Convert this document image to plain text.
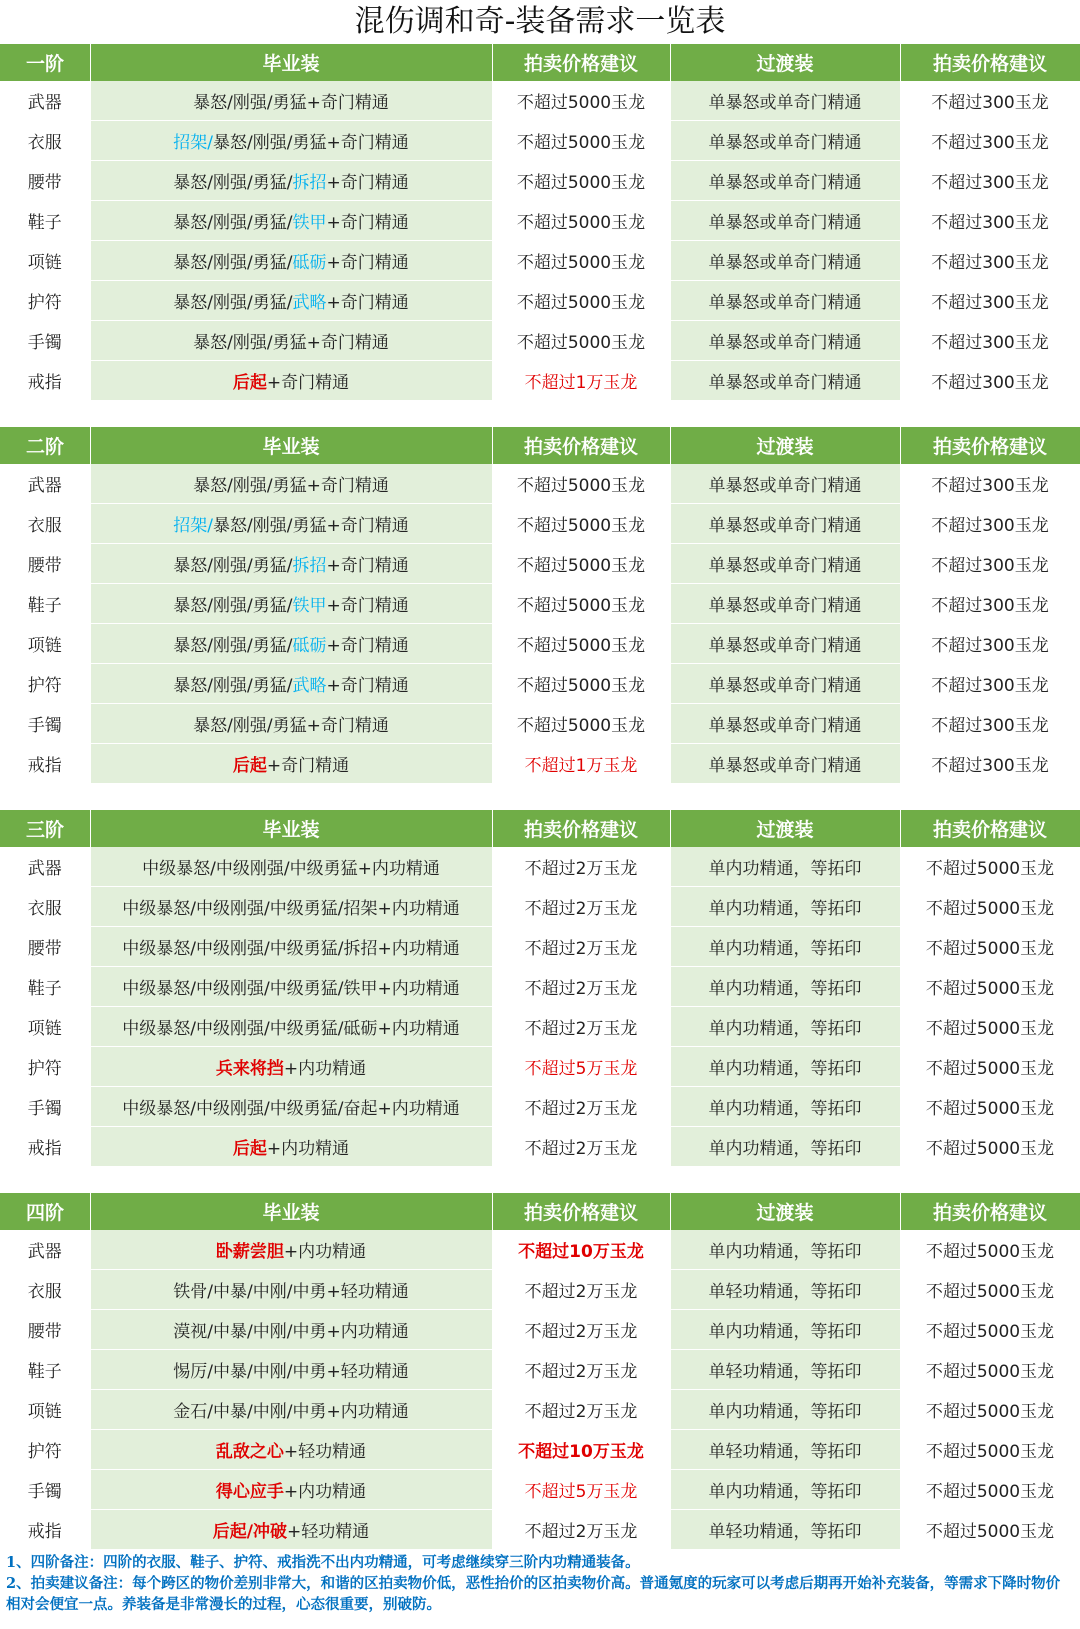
混伤调和奇-装备需求一览表
一阶	毕业装	拍卖价格建议	过渡装	拍卖价格建议
武器	暴怒/刚强/勇猛+奇门精通	不超过5000玉龙	单暴怒或单奇门精通	不超过300玉龙
衣服	招架/暴怒/刚强/勇猛+奇门精通	不超过5000玉龙	单暴怒或单奇门精通	不超过300玉龙
腰带	暴怒/刚强/勇猛/拆招+奇门精通	不超过5000玉龙	单暴怒或单奇门精通	不超过300玉龙
鞋子	暴怒/刚强/勇猛/铁甲+奇门精通	不超过5000玉龙	单暴怒或单奇门精通	不超过300玉龙
项链	暴怒/刚强/勇猛/砥砺+奇门精通	不超过5000玉龙	单暴怒或单奇门精通	不超过300玉龙
护符	暴怒/刚强/勇猛/武略+奇门精通	不超过5000玉龙	单暴怒或单奇门精通	不超过300玉龙
手镯	暴怒/刚强/勇猛+奇门精通	不超过5000玉龙	单暴怒或单奇门精通	不超过300玉龙
戒指	后起+奇门精通	不超过1万玉龙	单暴怒或单奇门精通	不超过300玉龙
二阶	毕业装	拍卖价格建议	过渡装	拍卖价格建议
武器	暴怒/刚强/勇猛+奇门精通	不超过5000玉龙	单暴怒或单奇门精通	不超过300玉龙
衣服	招架/暴怒/刚强/勇猛+奇门精通	不超过5000玉龙	单暴怒或单奇门精通	不超过300玉龙
腰带	暴怒/刚强/勇猛/拆招+奇门精通	不超过5000玉龙	单暴怒或单奇门精通	不超过300玉龙
鞋子	暴怒/刚强/勇猛/铁甲+奇门精通	不超过5000玉龙	单暴怒或单奇门精通	不超过300玉龙
项链	暴怒/刚强/勇猛/砥砺+奇门精通	不超过5000玉龙	单暴怒或单奇门精通	不超过300玉龙
护符	暴怒/刚强/勇猛/武略+奇门精通	不超过5000玉龙	单暴怒或单奇门精通	不超过300玉龙
手镯	暴怒/刚强/勇猛+奇门精通	不超过5000玉龙	单暴怒或单奇门精通	不超过300玉龙
戒指	后起+奇门精通	不超过1万玉龙	单暴怒或单奇门精通	不超过300玉龙
三阶	毕业装	拍卖价格建议	过渡装	拍卖价格建议
武器	中级暴怒/中级刚强/中级勇猛+内功精通	不超过2万玉龙	单内功精通，等拓印	不超过5000玉龙
衣服	中级暴怒/中级刚强/中级勇猛/招架+内功精通	不超过2万玉龙	单内功精通，等拓印	不超过5000玉龙
腰带	中级暴怒/中级刚强/中级勇猛/拆招+内功精通	不超过2万玉龙	单内功精通，等拓印	不超过5000玉龙
鞋子	中级暴怒/中级刚强/中级勇猛/铁甲+内功精通	不超过2万玉龙	单内功精通，等拓印	不超过5000玉龙
项链	中级暴怒/中级刚强/中级勇猛/砥砺+内功精通	不超过2万玉龙	单内功精通，等拓印	不超过5000玉龙
护符	兵来将挡+内功精通	不超过5万玉龙	单内功精通，等拓印	不超过5000玉龙
手镯	中级暴怒/中级刚强/中级勇猛/奋起+内功精通	不超过2万玉龙	单内功精通，等拓印	不超过5000玉龙
戒指	后起+内功精通	不超过2万玉龙	单内功精通，等拓印	不超过5000玉龙
四阶	毕业装	拍卖价格建议	过渡装	拍卖价格建议
武器	卧薪尝胆+内功精通	不超过10万玉龙	单内功精通，等拓印	不超过5000玉龙
衣服	铁骨/中暴/中刚/中勇+轻功精通	不超过2万玉龙	单轻功精通，等拓印	不超过5000玉龙
腰带	漠视/中暴/中刚/中勇+内功精通	不超过2万玉龙	单内功精通，等拓印	不超过5000玉龙
鞋子	惕厉/中暴/中刚/中勇+轻功精通	不超过2万玉龙	单轻功精通，等拓印	不超过5000玉龙
项链	金石/中暴/中刚/中勇+内功精通	不超过2万玉龙	单内功精通，等拓印	不超过5000玉龙
护符	乱敌之心+轻功精通	不超过10万玉龙	单轻功精通，等拓印	不超过5000玉龙
手镯	得心应手+内功精通	不超过5万玉龙	单内功精通，等拓印	不超过5000玉龙
戒指	后起/冲破+轻功精通	不超过2万玉龙	单轻功精通，等拓印	不超过5000玉龙
1、四阶备注：四阶的衣服、鞋子、护符、戒指洗不出内功精通，可考虑继续穿三阶内功精通装备。
2、拍卖建议备注：每个跨区的物价差别非常大，和谐的区拍卖物价低，恶性抬价的区拍卖物价高。普通氪度的玩家可以考虑后期再开始补充装备，等需求下降时物价相对会便宜一点。养装备是非常漫长的过程，心态很重要，别破防。
